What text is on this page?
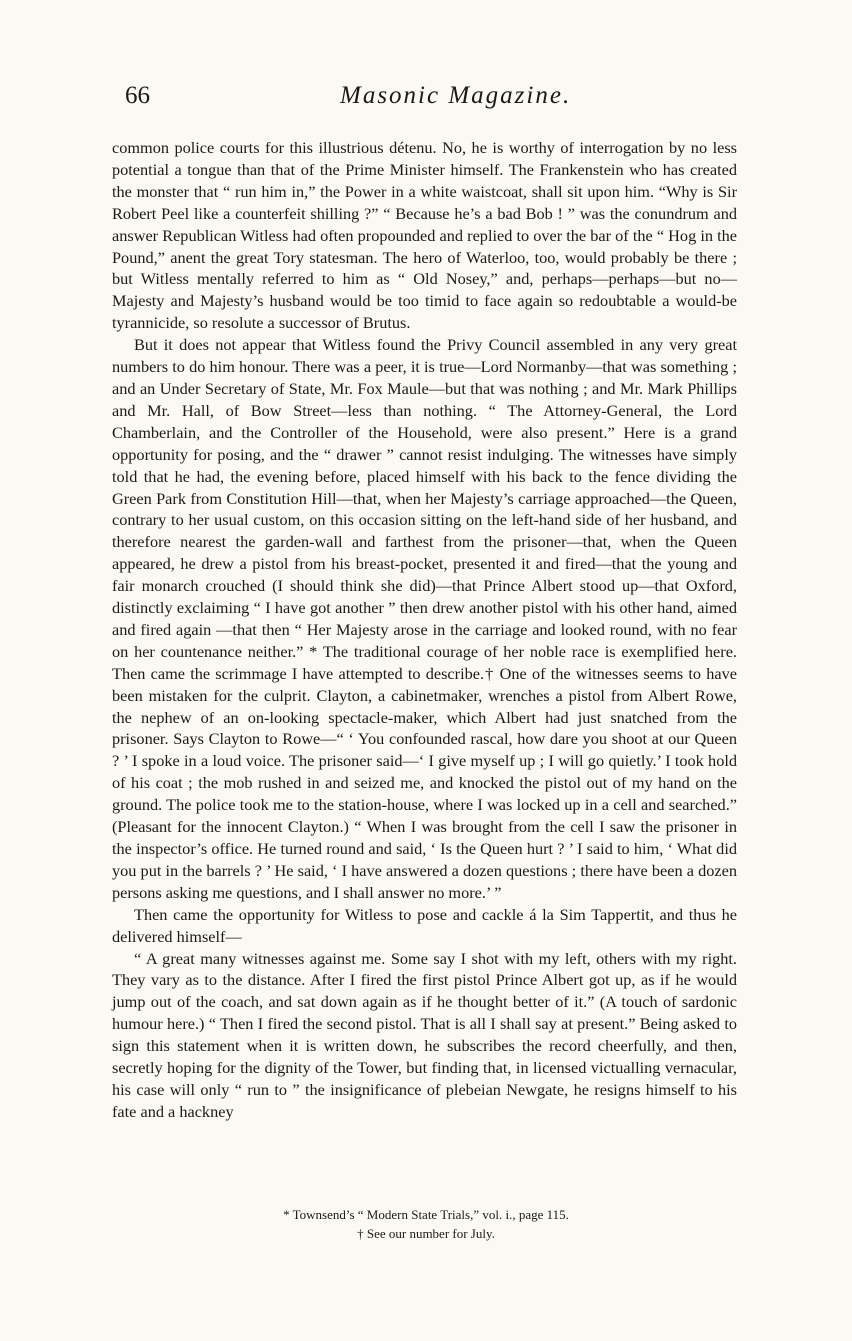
66	Masonic Magazine.

common police courts for this illustrious détenu. No, he is worthy of interrogation by no less potential a tongue than that of the Prime Minister himself. The Frankenstein who has created the monster that “ run him in,” the Power in a white waistcoat, shall sit upon him. “Why is Sir Robert Peel like a counterfeit shilling ?” “ Because he’s a bad Bob ! ” was the conundrum and answer Republican Witless had often propounded and replied to over the bar of the “ Hog in the Pound,” anent the great Tory statesman. The hero of Waterloo, too, would probably be there ; but Witless mentally referred to him as “ Old Nosey,” and, perhaps—perhaps—but no—Majesty and Majesty’s husband would be too timid to face again so redoubtable a would-be tyrannicide, so resolute a successor of Brutus.

But it does not appear that Witless found the Privy Council assembled in any very great numbers to do him honour. There was a peer, it is true—Lord Normanby—that was something ; and an Under Secretary of State, Mr. Fox Maule—but that was nothing ; and Mr. Mark Phillips and Mr. Hall, of Bow Street—less than nothing. “ The Attorney-General, the Lord Chamberlain, and the Controller of the Household, were also present.” Here is a grand opportunity for posing, and the “ drawer ” cannot resist indulging. The witnesses have simply told that he had, the evening before, placed himself with his back to the fence dividing the Green Park from Constitution Hill—that, when her Majesty’s carriage approached—the Queen, contrary to her usual custom, on this occasion sitting on the left-hand side of her husband, and therefore nearest the garden-wall and farthest from the prisoner—that, when the Queen appeared, he drew a pistol from his breast-pocket, presented it and fired—that the young and fair monarch crouched (I should think she did)—that Prince Albert stood up—that Oxford, distinctly exclaiming “ I have got another ” then drew another pistol with his other hand, aimed and fired again —that then “ Her Majesty arose in the carriage and looked round, with no fear on her countenance neither.” * The traditional courage of her noble race is exemplified here. Then came the scrimmage I have attempted to describe.† One of the witnesses seems to have been mistaken for the culprit. Clayton, a cabinetmaker, wrenches a pistol from Albert Rowe, the nephew of an on-looking spectacle-maker, which Albert had just snatched from the prisoner. Says Clayton to Rowe—“ ‘ You confounded rascal, how dare you shoot at our Queen ? ’ I spoke in a loud voice. The prisoner said—‘ I give myself up ; I will go quietly.’ I took hold of his coat ; the mob rushed in and seized me, and knocked the pistol out of my hand on the ground. The police took me to the station-house, where I was locked up in a cell and searched.” (Pleasant for the innocent Clayton.) “ When I was brought from the cell I saw the prisoner in the inspector’s office. He turned round and said, ‘ Is the Queen hurt ? ’ I said to him, ‘ What did you put in the barrels ? ’ He said, ‘ I have answered a dozen questions ; there have been a dozen persons asking me questions, and I shall answer no more.’ ”

Then came the opportunity for Witless to pose and cackle á la Sim Tappertit, and thus he delivered himself—

“ A great many witnesses against me. Some say I shot with my left, others with my right. They vary as to the distance. After I fired the first pistol Prince Albert got up, as if he would jump out of the coach, and sat down again as if he thought better of it.” (A touch of sardonic humour here.) “ Then I fired the second pistol. That is all I shall say at present.” Being asked to sign this statement when it is written down, he subscribes the record cheerfully, and then, secretly hoping for the dignity of the Tower, but finding that, in licensed victualling vernacular, his case will only “ run to ” the insignificance of plebeian Newgate, he resigns himself to his fate and a hackney

* Townsend’s “ Modern State Trials,” vol. i., page 115.

† See our number for July.
